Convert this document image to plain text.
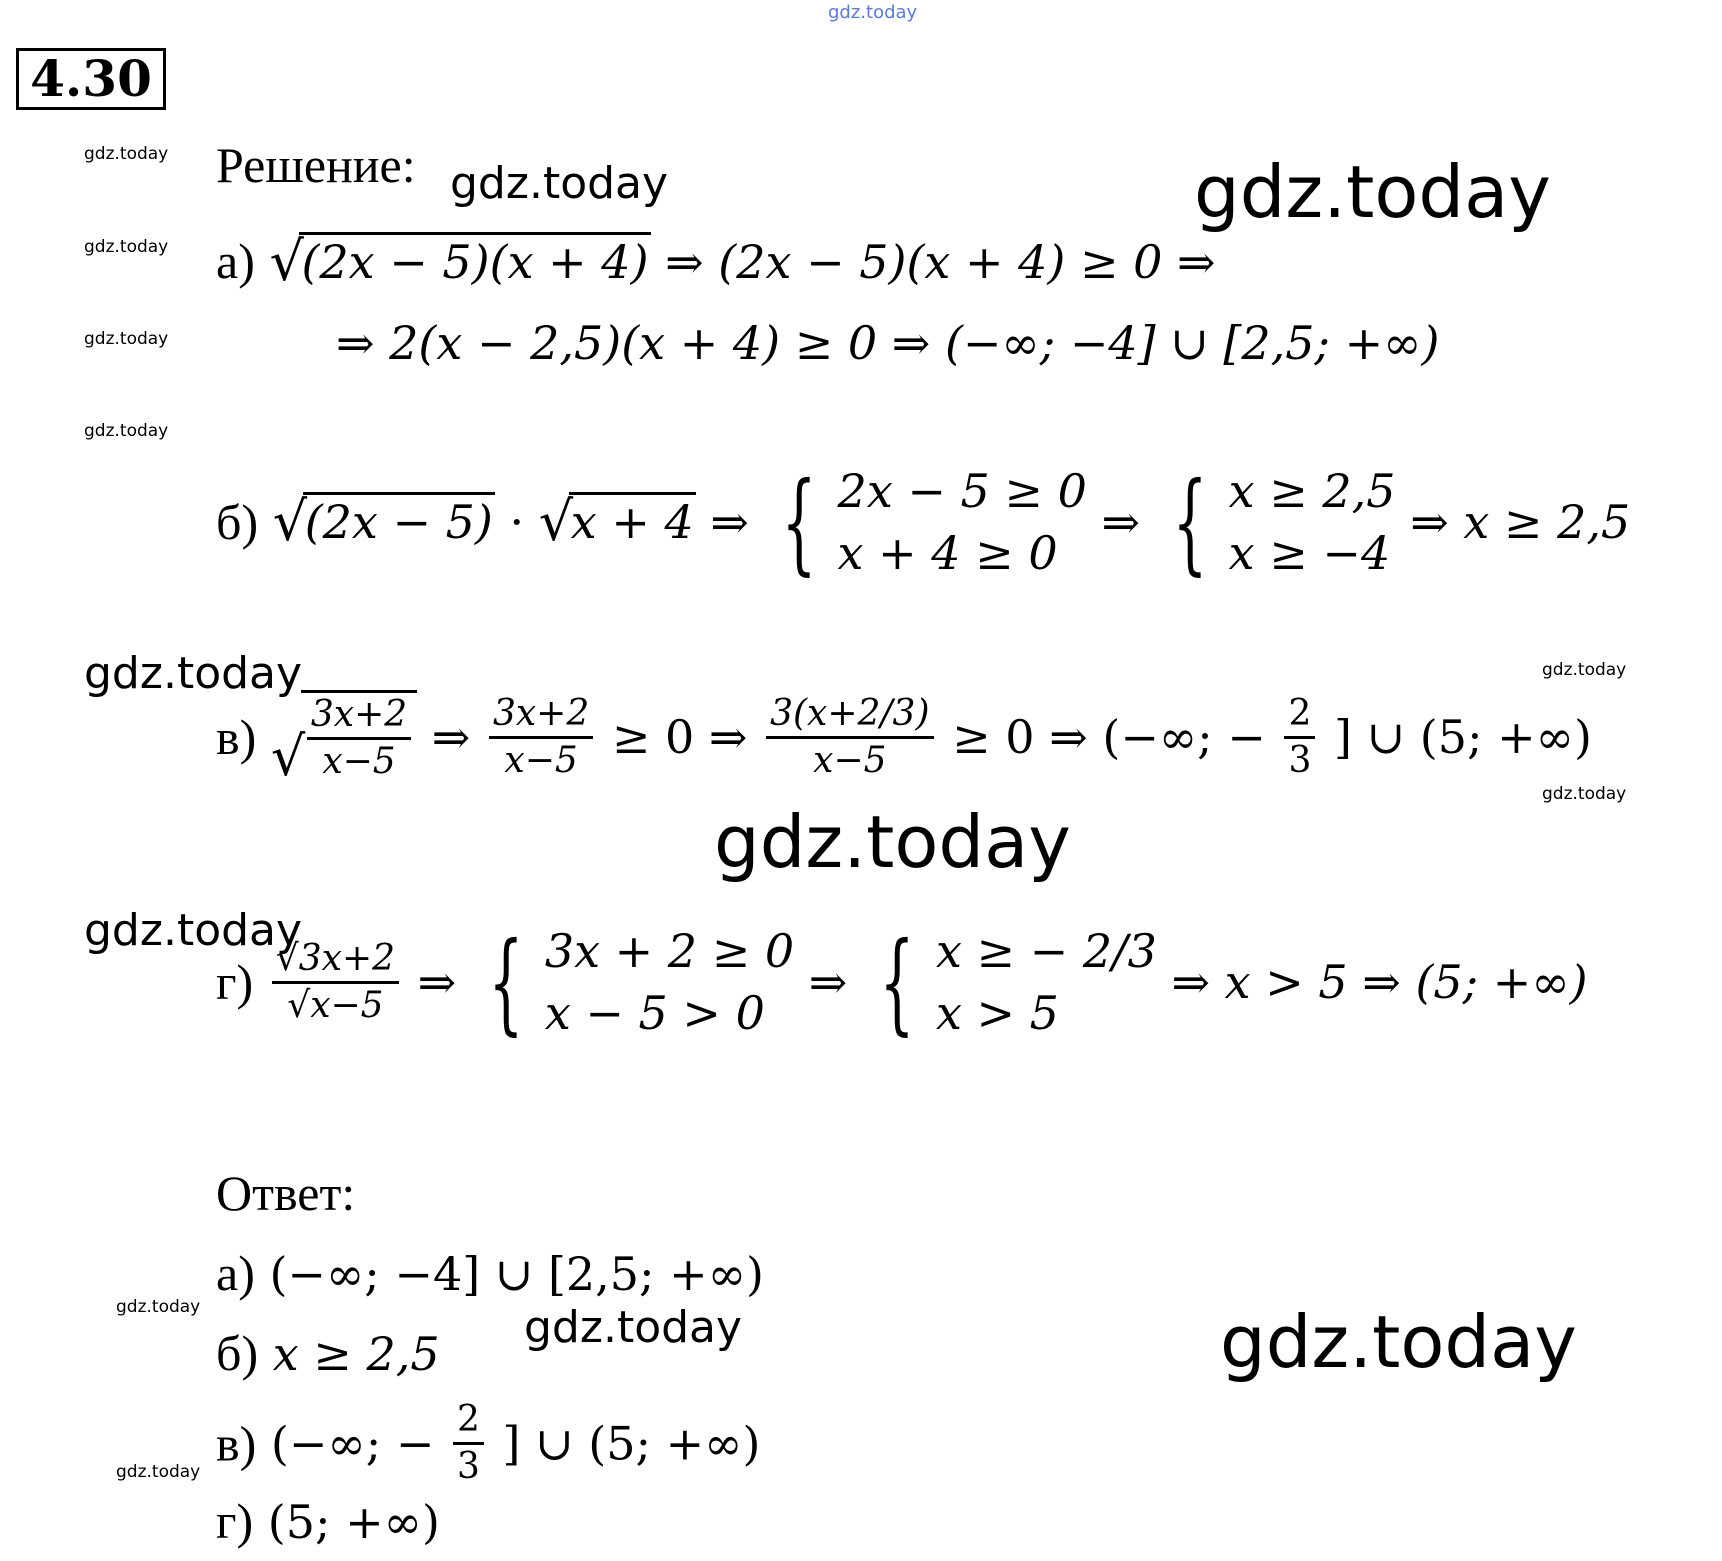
gdz.today
gdz.today
gdz.today
gdz.today
gdz.today
gdz.today	gdz.today
gdz.today	gdz.today
gdz.today
gdz.today
gdz.today
gdz.today	gdz.today	gdz.today
gdz.today
4.30
Решение:
а) √ (2x − 5)(x + 4) ⇒ (2x − 5)(x + 4) ≥ 0 ⇒
⇒ 2(x − 2,5)(x + 4) ≥ 0 ⇒ (−∞; −4] ∪ [2,5; +∞)
б) √ (2x − 5) · √ x + 4 ⇒ { 2x − 5 ≥ 0
x + 4 ≥ 0
⇒ { x ≥ 2,5
x ≥ −4
⇒ x ≥ 2,5
в) √ $\frac{3x+2}{x-5}$ ⇒ $\frac{3x+2}{x-5} \ge 0$ ⇒ $\frac{3(x+2/3)}{x-5} \ge 0$ ⇒ (−∞; − $\frac{2}{3}$ ] ∪ (5; +∞)
$г) \frac{√3x+2}{√x-5}$ ⇒ { 3x + 2 ≥ 0
x − 5 > 0
⇒ { x ≥ − 2/3
x > 5
⇒ x > 5 ⇒ (5; +∞)
Ответ:
а) (−∞; −4] ∪ [2,5; +∞)
б) x ≥ 2,5
в) (−∞; − $\frac{2}{3}$ ] ∪ (5; +∞)
г) (5; +∞)
